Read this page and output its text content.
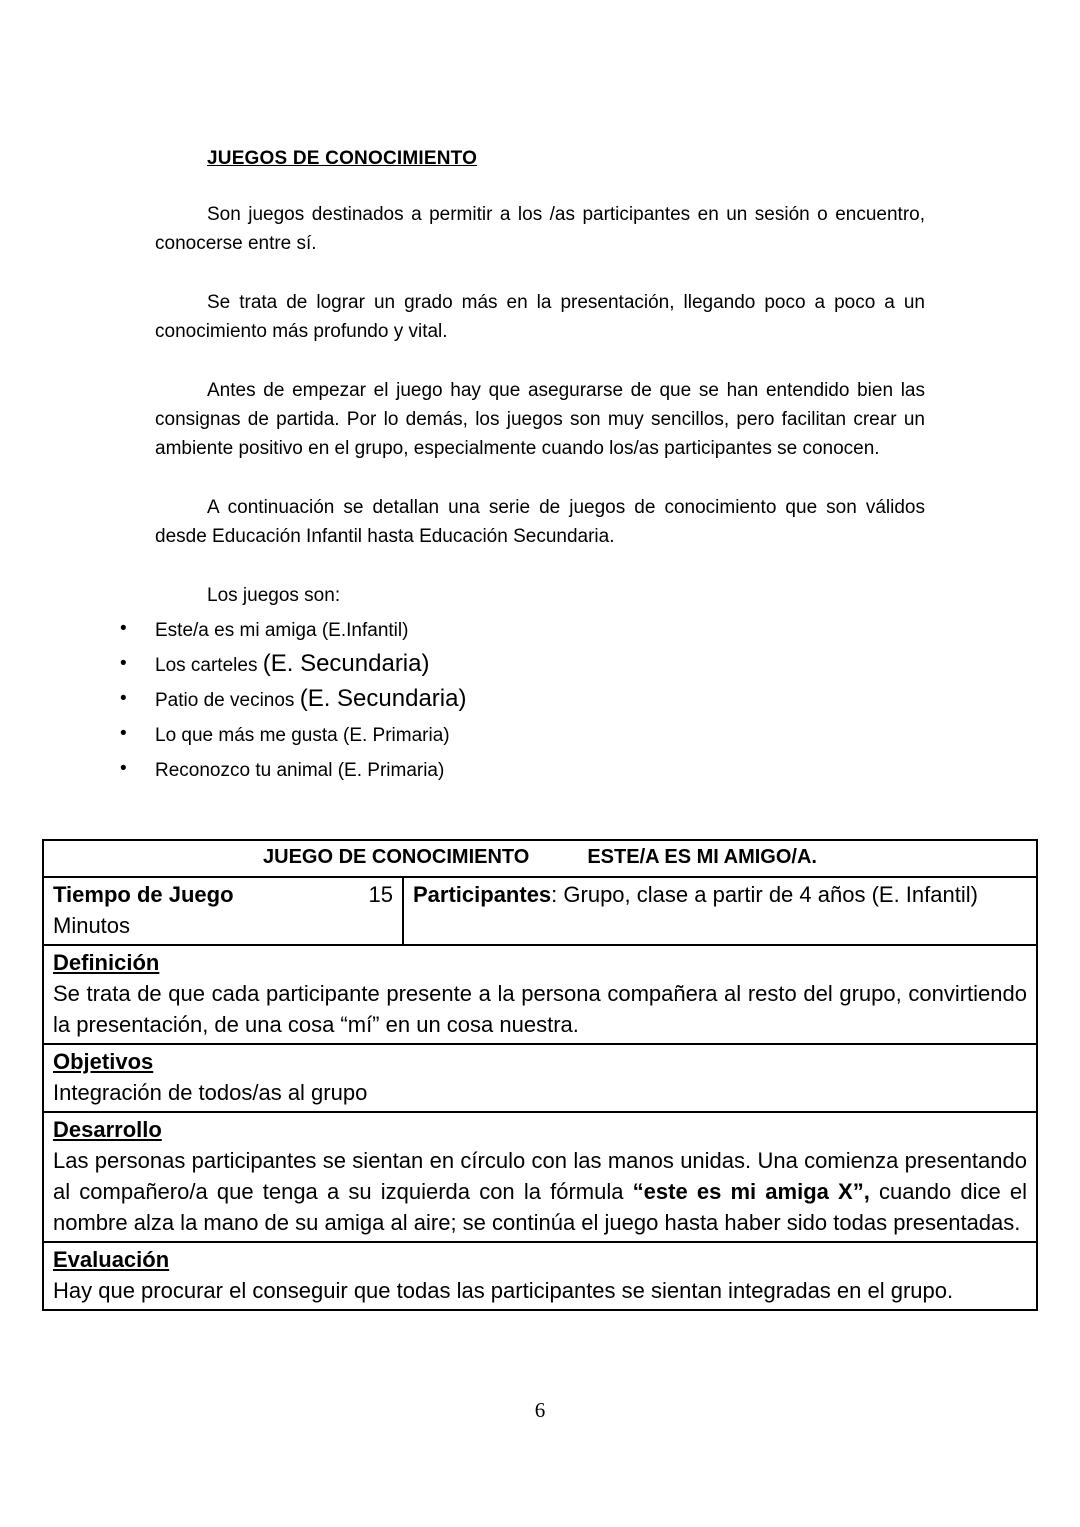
JUEGOS DE CONOCIMIENTO

Son juegos destinados a permitir a los /as participantes en un sesión o encuentro, conocerse entre sí.

Se trata de lograr un grado más en la presentación, llegando poco a poco a un conocimiento más profundo y vital.

Antes de empezar el juego hay que asegurarse de que se han entendido bien las consignas de partida. Por lo demás, los juegos son muy sencillos, pero facilitan crear un ambiente positivo en el grupo, especialmente cuando los/as participantes se conocen.

A continuación se detallan una serie de juegos de conocimiento que son válidos desde Educación Infantil hasta Educación Secundaria.

Los juegos son:

• Este/a es mi amiga (E.Infantil)
• Los carteles (E. Secundaria)
• Patio de vecinos (E. Secundaria)
• Lo que más me gusta (E. Primaria)
• Reconozco tu animal (E. Primaria)
JUEGO DE CONOCIMIENTO	ESTE/A ES MI AMIGO/A.

Tiempo de Juego	15
Minutos
	Participantes: Grupo, clase a partir de 4 años (E. Infantil)

Definición
Se trata de que cada participante presente a la persona compañera al resto del grupo, convirtiendo la presentación, de una cosa “mí” en un cosa nuestra.

Objetivos
Integración de todos/as al grupo

Desarrollo
Las personas participantes se sientan en círculo con las manos unidas. Una comienza presentando al compañero/a que tenga a su izquierda con la fórmula “este es mi amiga X”, cuando dice el nombre alza la mano de su amiga al aire; se continúa el juego hasta haber sido todas presentadas.

Evaluación
Hay que procurar el conseguir que todas las participantes se sientan integradas en el grupo.
6
